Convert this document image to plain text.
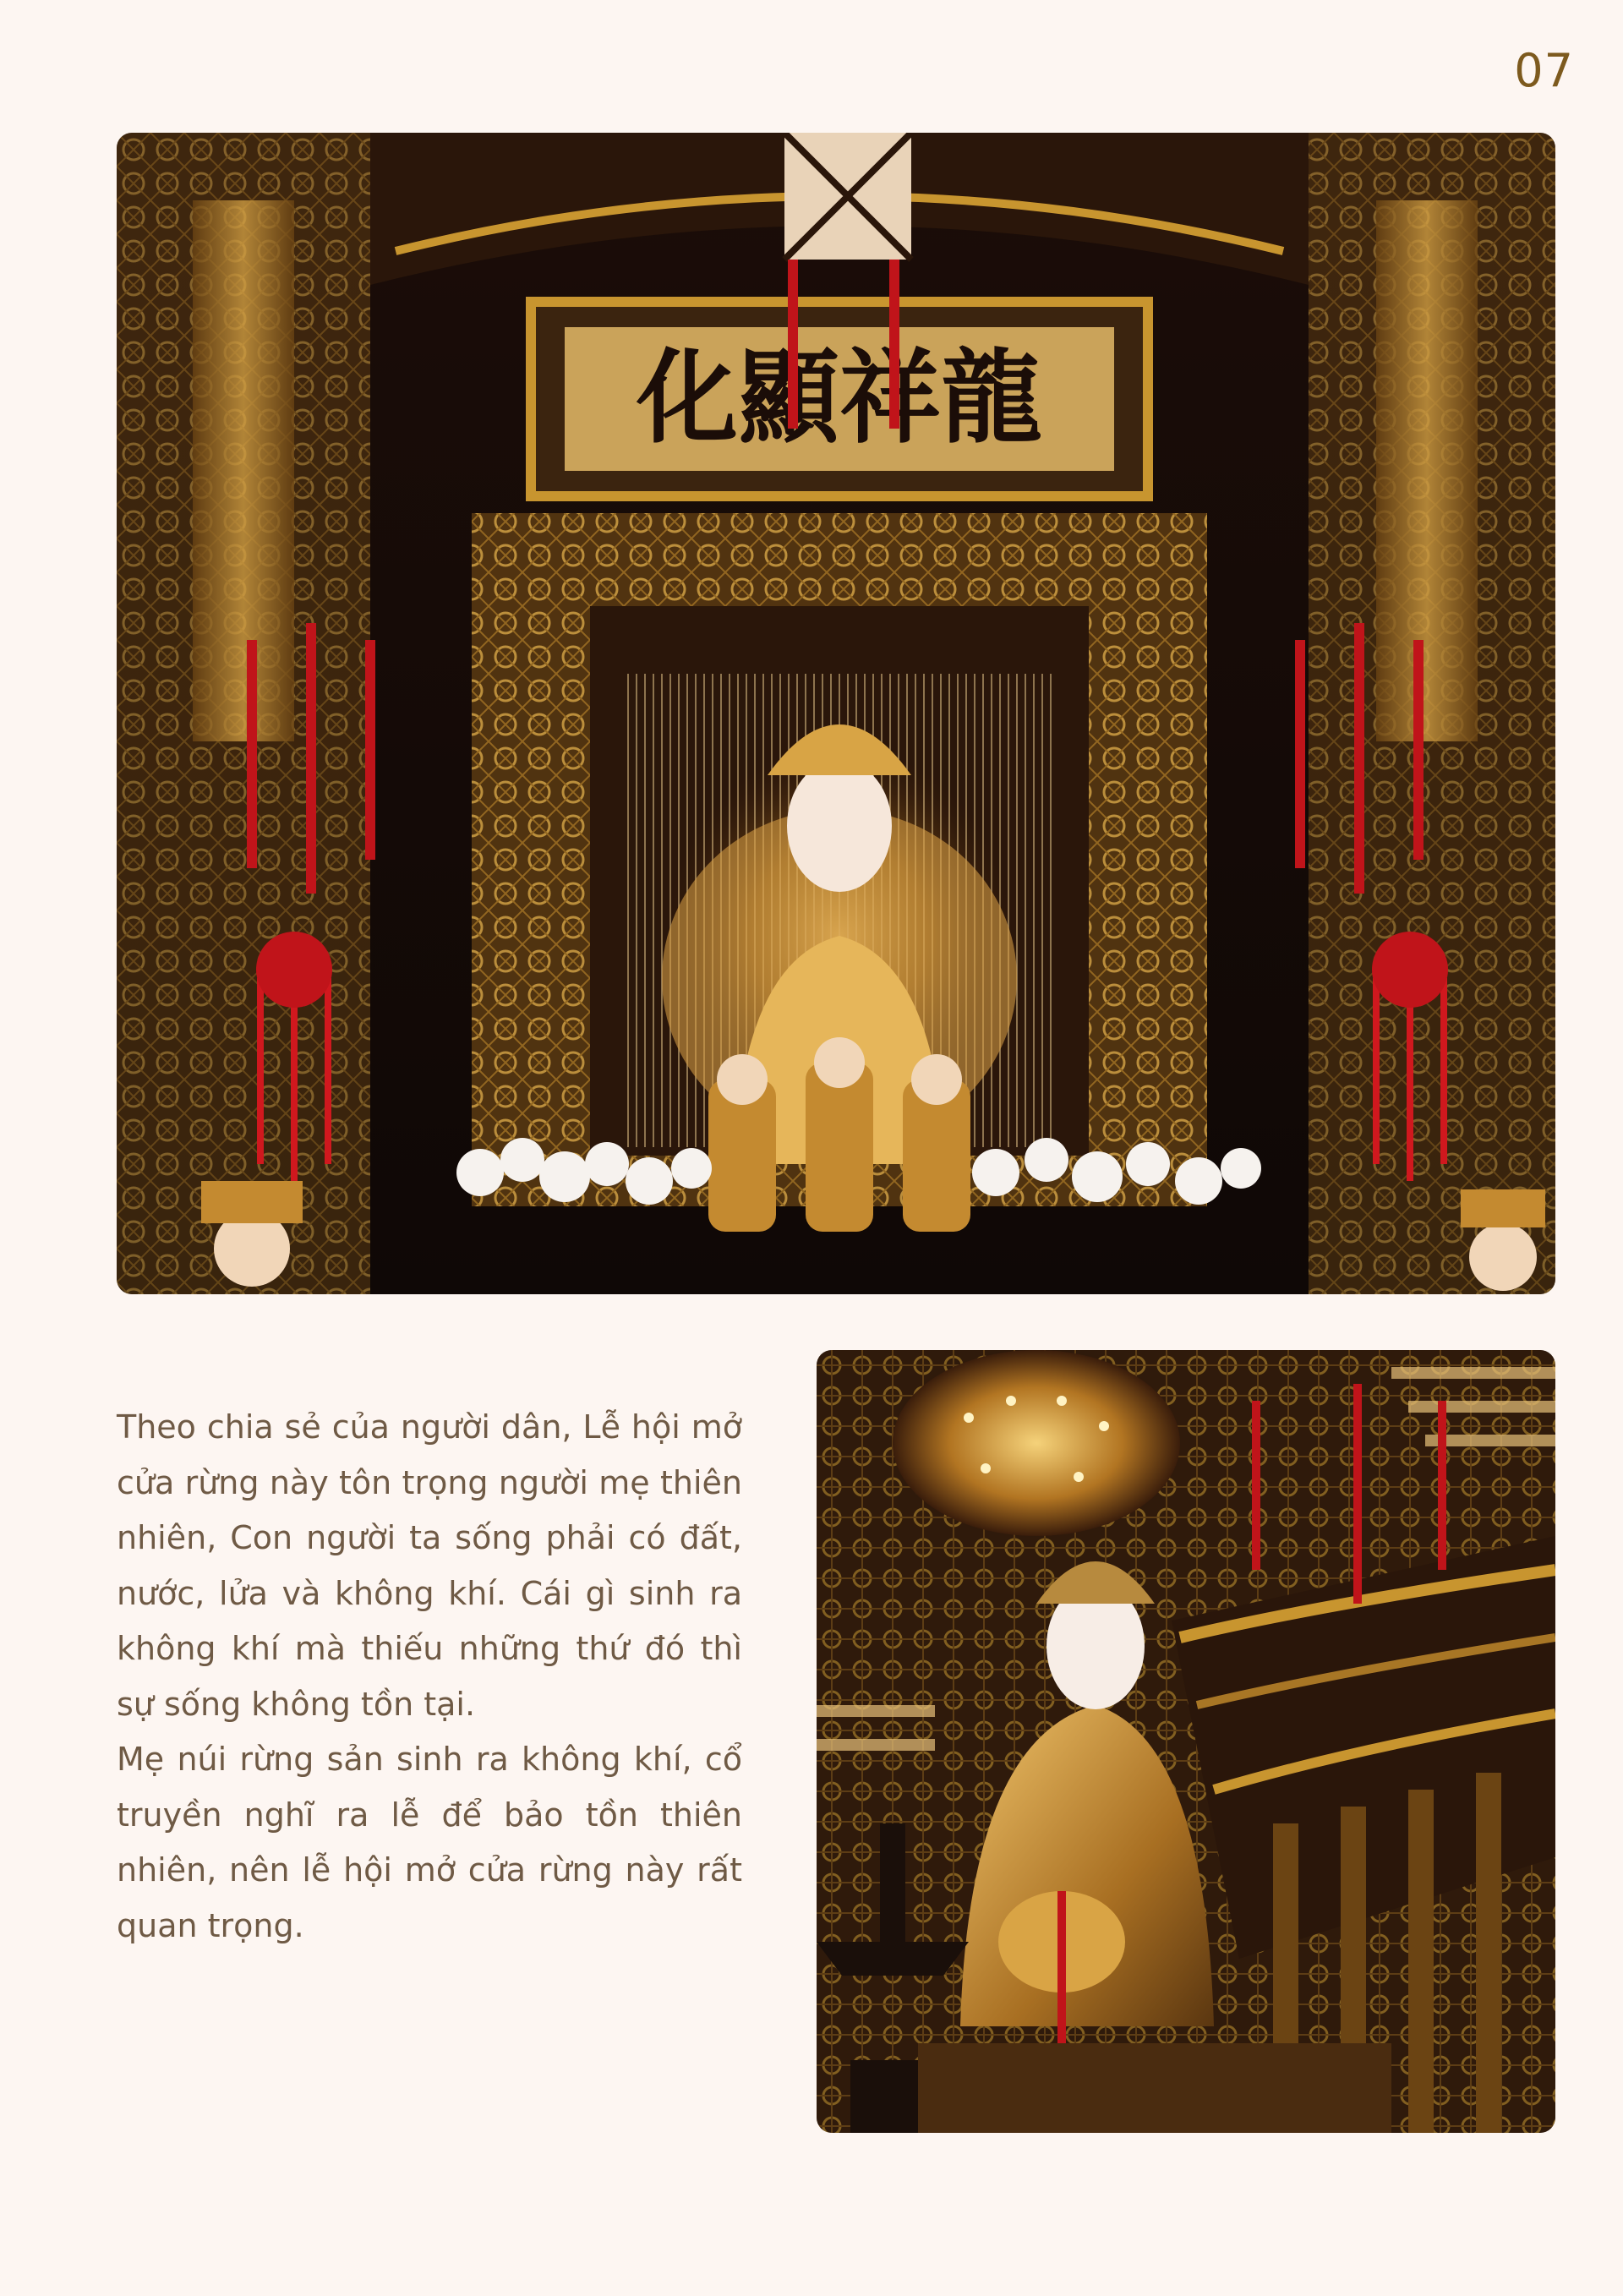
07
化顯祥龍

Theo chia sẻ của người dân, Lễ hội mở cửa rừng này tôn trọng người mẹ thiên nhiên, Con người ta sống phải có đất, nước, lửa và không khí. Cái gì sinh ra không khí mà thiếu những thứ đó thì sự sống không tồn tại.

Mẹ núi rừng sản sinh ra không khí, cổ truyền nghĩ ra lễ để bảo tồn thiên nhiên, nên lễ hội mở cửa rừng này rất quan trọng.
